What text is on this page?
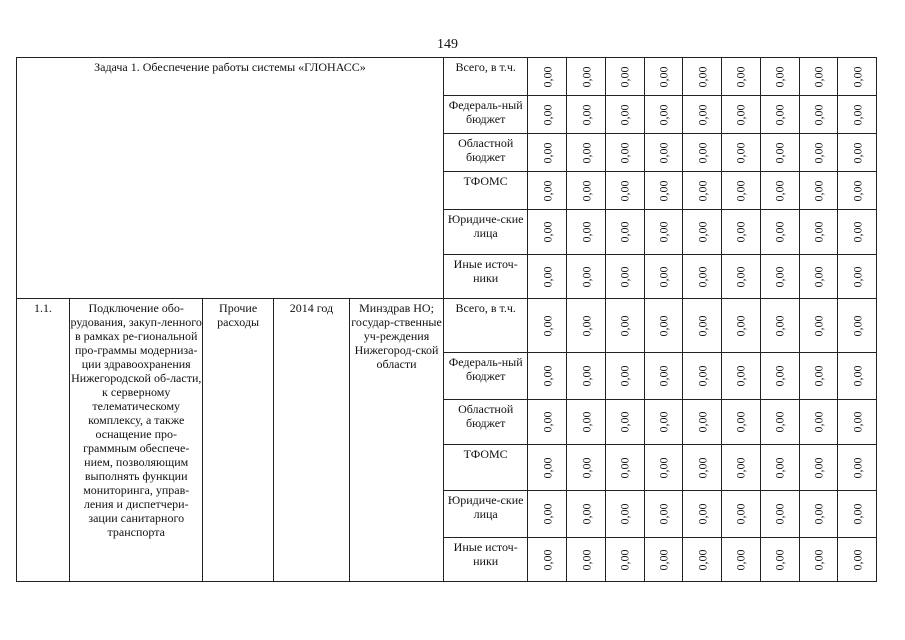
149
Задача 1. Обеспечение работы системы «ГЛОНАСС»					Всего, в т.ч.	0,00	0,00	0,00	0,00	0,00	0,00	0,00	0,00	0,00
					Федераль-ный бюджет	0,00	0,00	0,00	0,00	0,00	0,00	0,00	0,00	0,00
					Областной бюджет	0,00	0,00	0,00	0,00	0,00	0,00	0,00	0,00	0,00
					ТФОМС	0,00	0,00	0,00	0,00	0,00	0,00	0,00	0,00	0,00
					Юридиче-ские лица	0,00	0,00	0,00	0,00	0,00	0,00	0,00	0,00	0,00
					Иные источ-ники	0,00	0,00	0,00	0,00	0,00	0,00	0,00	0,00	0,00
1.1.	Подключение обо-рудования, закуп-ленного в рамках ре-гиональной про-граммы модерниза-ции здравоохранения Нижегородской об-ласти, к серверному телематическому комплексу, а также оснащение про-граммным обеспече-нием, позволяющим выполнять функции мониторинга, управ-ления и диспетчери-зации санитарного транспорта	Прочие расходы	2014 год	Минздрав НО; государ-ственные уч-реждения Нижегород-ской области	Всего, в т.ч.	0,00	0,00	0,00	0,00	0,00	0,00	0,00	0,00	0,00
					Федераль-ный бюджет	0,00	0,00	0,00	0,00	0,00	0,00	0,00	0,00	0,00
					Областной бюджет	0,00	0,00	0,00	0,00	0,00	0,00	0,00	0,00	0,00
					ТФОМС	0,00	0,00	0,00	0,00	0,00	0,00	0,00	0,00	0,00
					Юридиче-ские лица	0,00	0,00	0,00	0,00	0,00	0,00	0,00	0,00	0,00
					Иные источ-ники	0,00	0,00	0,00	0,00	0,00	0,00	0,00	0,00	0,00
